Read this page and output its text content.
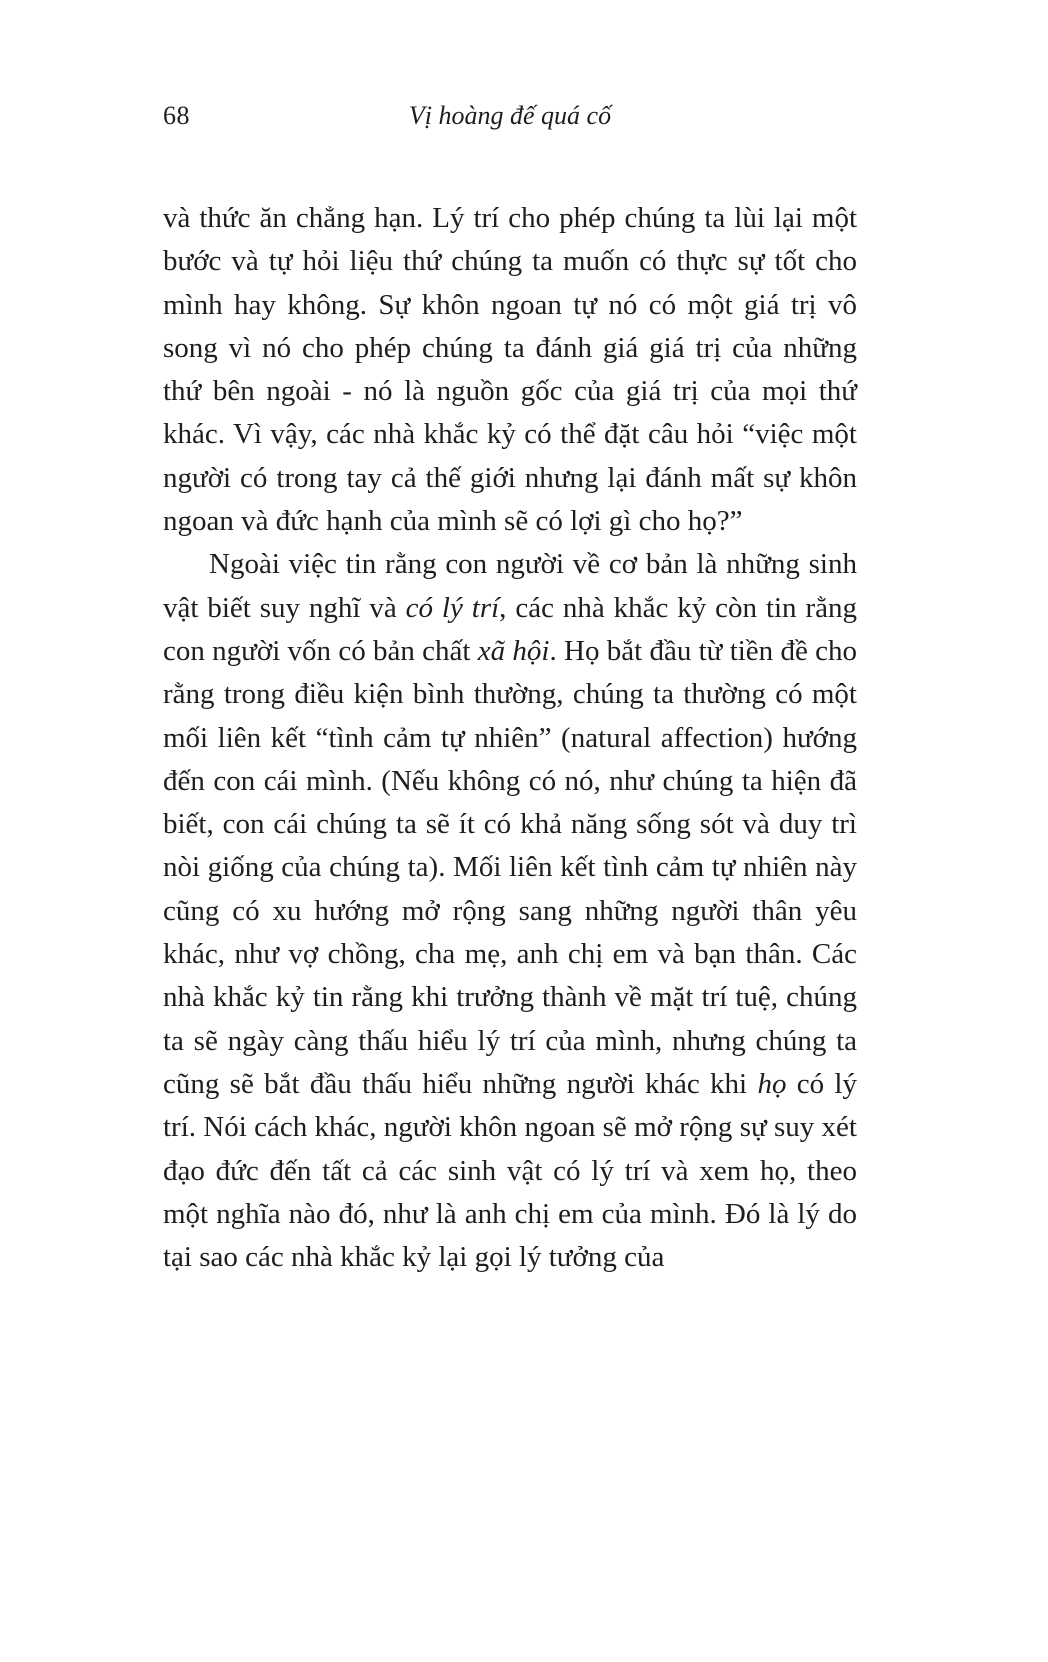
68	Vị hoàng đế quá cố

và thức ăn chẳng hạn. Lý trí cho phép chúng ta lùi lại một bước và tự hỏi liệu thứ chúng ta muốn có thực sự tốt cho mình hay không. Sự khôn ngoan tự nó có một giá trị vô song vì nó cho phép chúng ta đánh giá giá trị của những thứ bên ngoài - nó là nguồn gốc của giá trị của mọi thứ khác. Vì vậy, các nhà khắc kỷ có thể đặt câu hỏi “việc một người có trong tay cả thế giới nhưng lại đánh mất sự khôn ngoan và đức hạnh của mình sẽ có lợi gì cho họ?”

Ngoài việc tin rằng con người về cơ bản là những sinh vật biết suy nghĩ và có lý trí, các nhà khắc kỷ còn tin rằng con người vốn có bản chất xã hội. Họ bắt đầu từ tiền đề cho rằng trong điều kiện bình thường, chúng ta thường có một mối liên kết “tình cảm tự nhiên” (natural affection) hướng đến con cái mình. (Nếu không có nó, như chúng ta hiện đã biết, con cái chúng ta sẽ ít có khả năng sống sót và duy trì nòi giống của chúng ta). Mối liên kết tình cảm tự nhiên này cũng có xu hướng mở rộng sang những người thân yêu khác, như vợ chồng, cha mẹ, anh chị em và bạn thân. Các nhà khắc kỷ tin rằng khi trưởng thành về mặt trí tuệ, chúng ta sẽ ngày càng thấu hiểu lý trí của mình, nhưng chúng ta cũng sẽ bắt đầu thấu hiểu những người khác khi họ có lý trí. Nói cách khác, người khôn ngoan sẽ mở rộng sự suy xét đạo đức đến tất cả các sinh vật có lý trí và xem họ, theo một nghĩa nào đó, như là anh chị em của mình. Đó là lý do tại sao các nhà khắc kỷ lại gọi lý tưởng của
